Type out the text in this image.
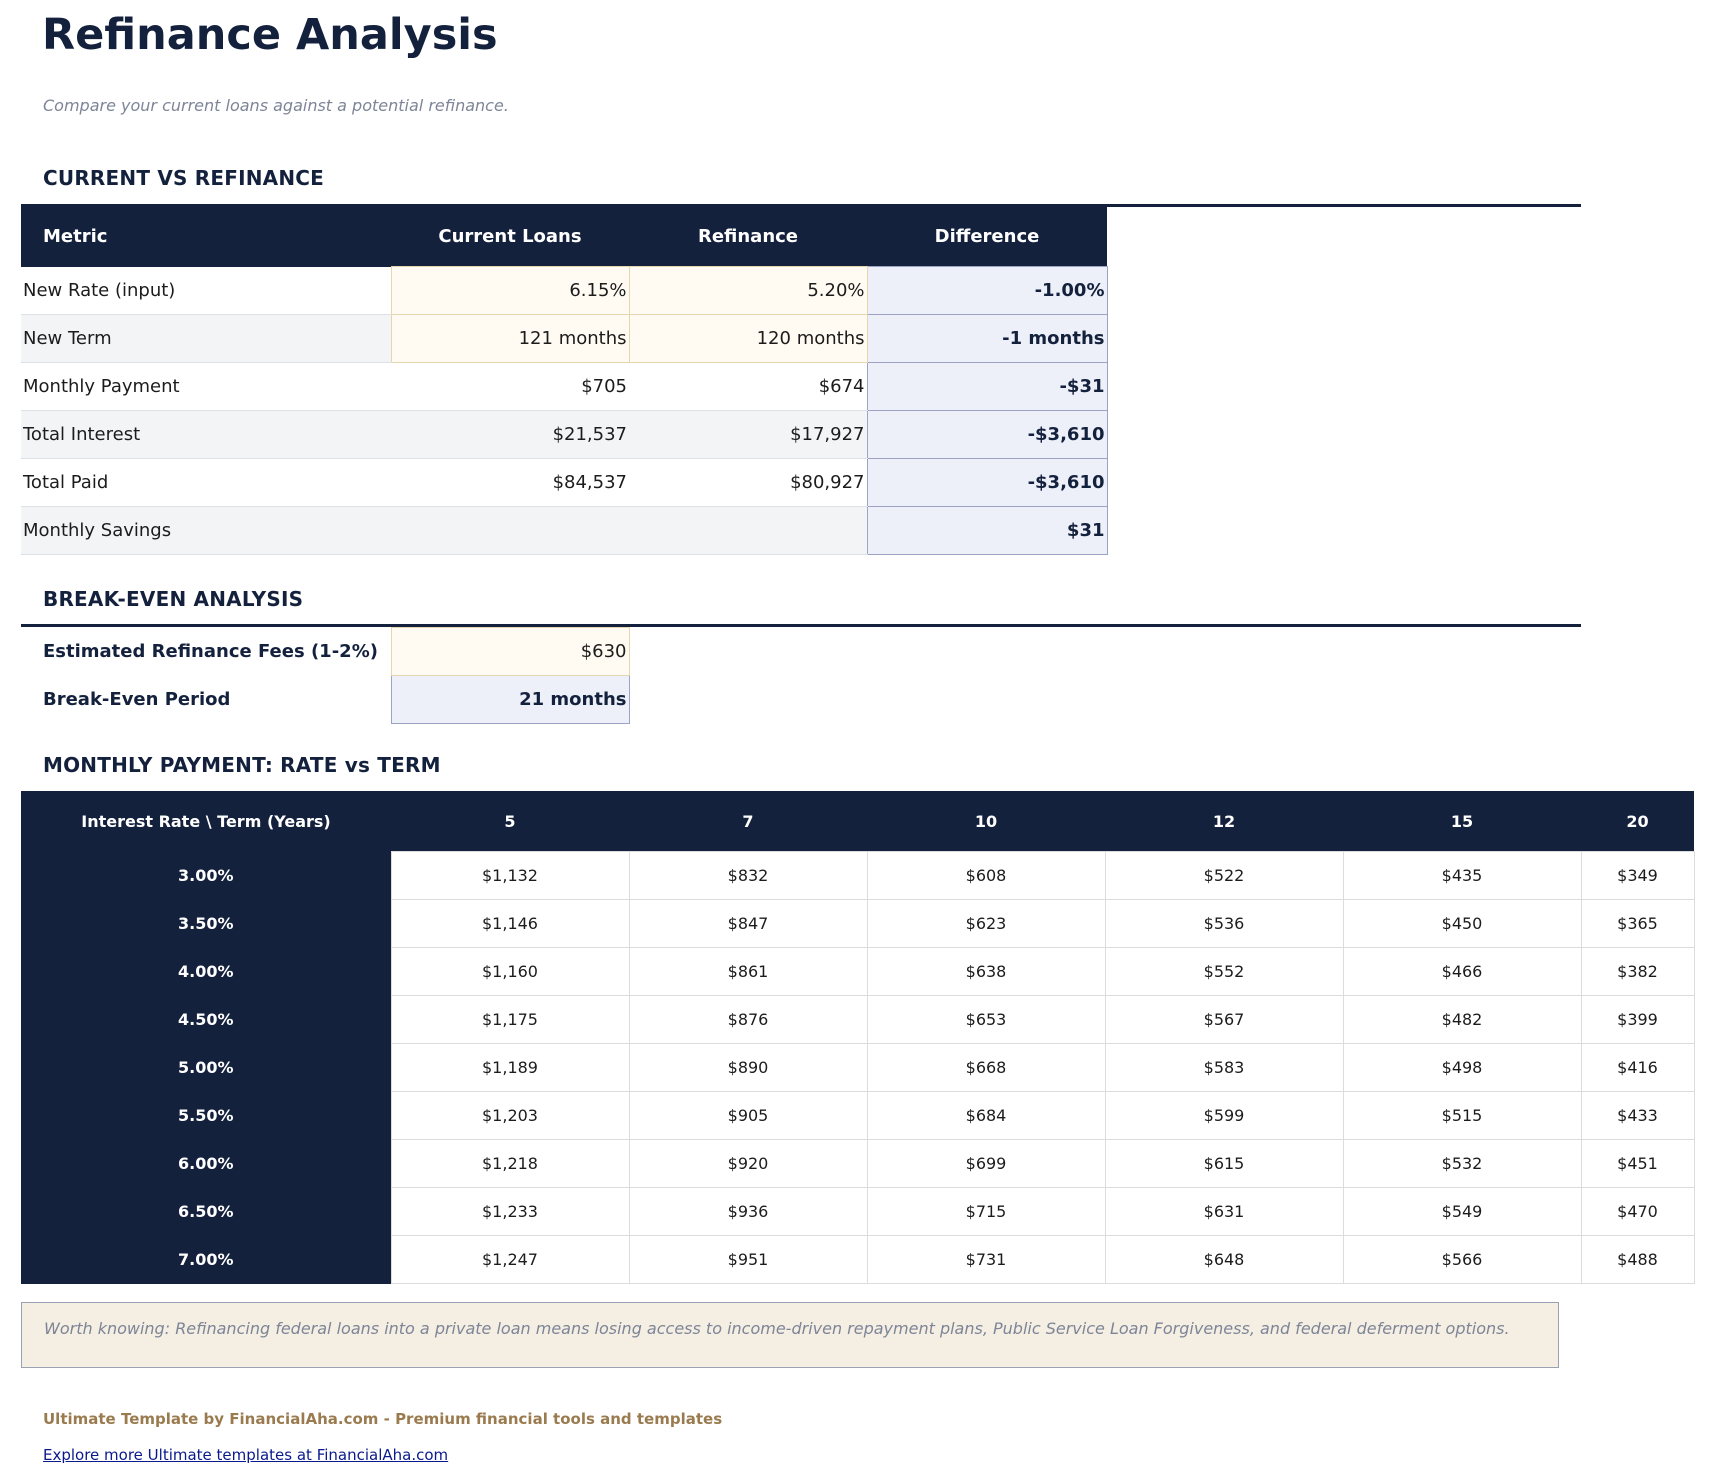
Refinance Analysis

Compare your current loans against a potential refinance.

CURRENT VS REFINANCE
Metric	Current Loans	Refinance	Difference
New Rate (input)	6.15%	5.20%	-1.00%
New Term	121 months	120 months	-1 months
Monthly Payment	$705	$674	-$31
Total Interest	$21,537	$17,927	-$3,610
Total Paid	$84,537	$80,927	-$3,610
Monthly Savings			$31
BREAK-EVEN ANALYSIS
Estimated Refinance Fees (1-2%)	$630
Break-Even Period	21 months
MONTHLY PAYMENT: RATE vs TERM
Interest Rate \ Term (Years)	5	7	10	12	15	20
3.00%	$1,132	$832	$608	$522	$435	$349
3.50%	$1,146	$847	$623	$536	$450	$365
4.00%	$1,160	$861	$638	$552	$466	$382
4.50%	$1,175	$876	$653	$567	$482	$399
5.00%	$1,189	$890	$668	$583	$498	$416
5.50%	$1,203	$905	$684	$599	$515	$433
6.00%	$1,218	$920	$699	$615	$532	$451
6.50%	$1,233	$936	$715	$631	$549	$470
7.00%	$1,247	$951	$731	$648	$566	$488
Worth knowing: Refinancing federal loans into a private loan means losing access to income-driven repayment plans, Public Service Loan Forgiveness, and federal deferment options.

Ultimate Template by FinancialAha.com - Premium financial tools and templates

Explore more Ultimate templates at FinancialAha.com
